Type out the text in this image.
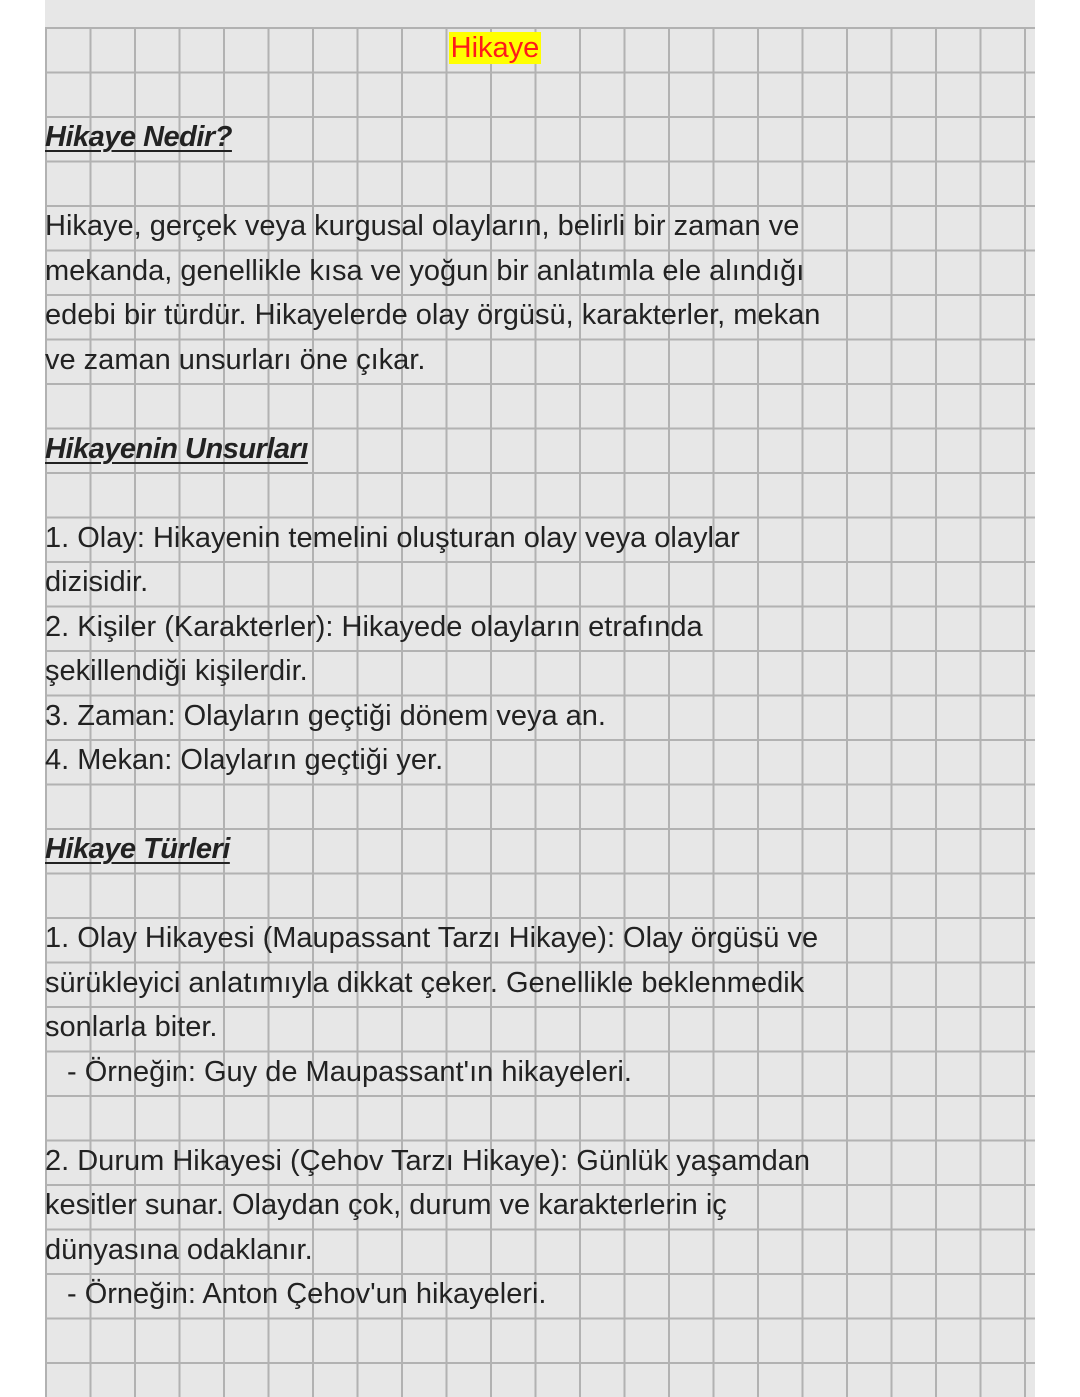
Hikaye
Hikaye Nedir?
Hikaye, gerçek veya kurgusal olayların, belirli bir zaman ve
mekanda, genellikle kısa ve yoğun bir anlatımla ele alındığı
edebi bir türdür. Hikayelerde olay örgüsü, karakterler, mekan
ve zaman unsurları öne çıkar.
Hikayenin Unsurları
1. Olay: Hikayenin temelini oluşturan olay veya olaylar
dizisidir.
2. Kişiler (Karakterler): Hikayede olayların etrafında
şekillendiği kişilerdir.
3. Zaman: Olayların geçtiği dönem veya an.
4. Mekan: Olayların geçtiği yer.
Hikaye Türleri
1. Olay Hikayesi (Maupassant Tarzı Hikaye): Olay örgüsü ve
sürükleyici anlatımıyla dikkat çeker. Genellikle beklenmedik
sonlarla biter.
- Örneğin: Guy de Maupassant'ın hikayeleri.
2. Durum Hikayesi (Çehov Tarzı Hikaye): Günlük yaşamdan
kesitler sunar. Olaydan çok, durum ve karakterlerin iç
dünyasına odaklanır.
- Örneğin: Anton Çehov'un hikayeleri.
